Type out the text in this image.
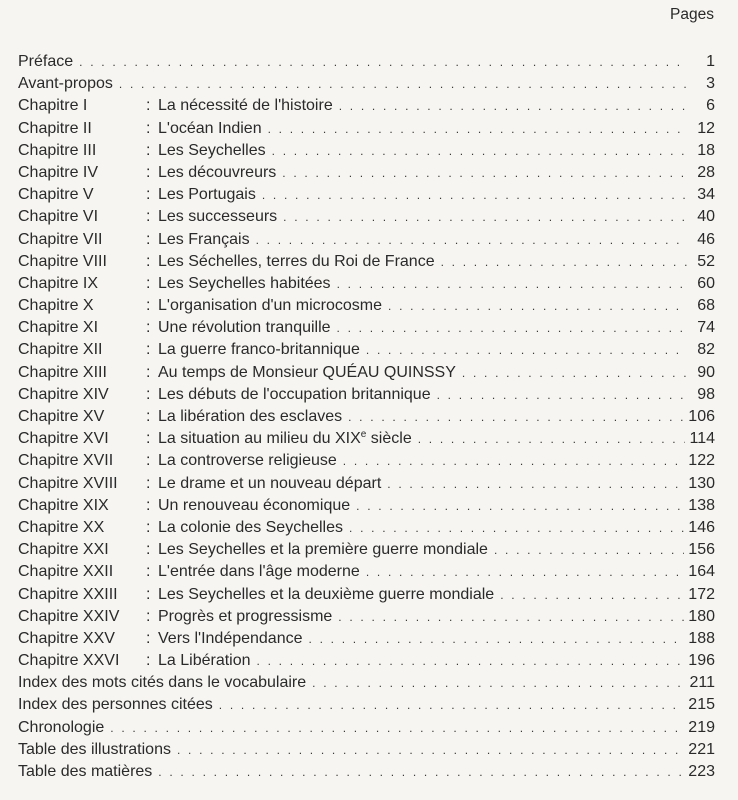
Pages
Préface . . .	1
Avant-propos . . .	3
Chapitre I	: La nécessité de l'histoire . . .	6
Chapitre II	: L'océan Indien . . .	12
Chapitre III	: Les Seychelles . . .	18
Chapitre IV	: Les découvreurs . . .	28
Chapitre V	: Les Portugais . . .	34
Chapitre VI	: Les successeurs . . .	40
Chapitre VII	: Les Français . . .	46
Chapitre VIII : Les Séchelles, terres du Roi de France . . .	52
Chapitre IX	: Les Seychelles habitées . . .	60
Chapitre X	: L'organisation d'un microcosme . . .	68
Chapitre XI	: Une révolution tranquille . . .	74
Chapitre XII	: La guerre franco-britannique . . .	82
Chapitre XIII : Au temps de Monsieur QUÉAU QUINSSY . . .	90
Chapitre XIV : Les débuts de l'occupation britannique . . .	98
Chapitre XV	: La libération des esclaves . . .	106
Chapitre XVI : La situation au milieu du XIXe siècle . . .	114
Chapitre XVII : La controverse religieuse . . .	122
Chapitre XVIII : Le drame et un nouveau départ . . .	130
Chapitre XIX : Un renouveau économique . . .	138
Chapitre XX	: La colonie des Seychelles . . .	146
Chapitre XXI : Les Seychelles et la première guerre mondiale . . .	156
Chapitre XXII : L'entrée dans l'âge moderne . . .	164
Chapitre XXIII : Les Seychelles et la deuxième guerre mondiale . . .	172
Chapitre XXIV : Progrès et progressisme . . .	180
Chapitre XXV : Vers l'Indépendance . . .	188
Chapitre XXVI : La Libération . . .	196
Index des mots cités dans le vocabulaire . . .	211
Index des personnes citées . . .	215
Chronologie . . .	219
Table des illustrations . . .	221
Table des matières . . .	223
